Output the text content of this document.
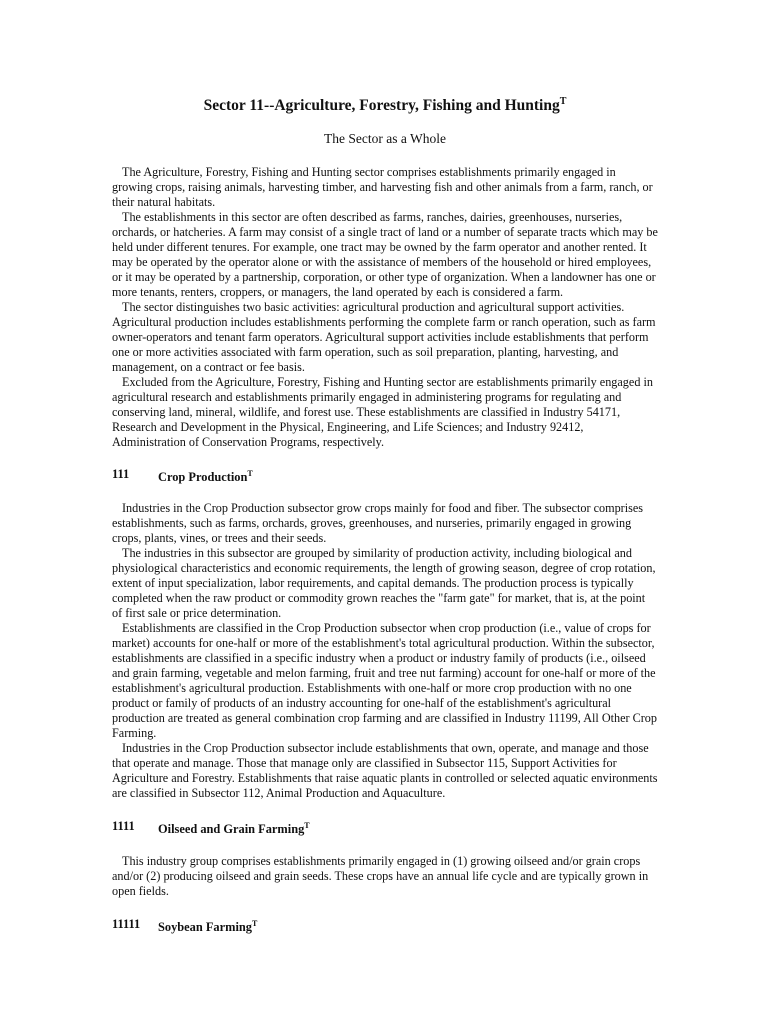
Sector 11--Agriculture, Forestry, Fishing and Hunting$^T$
The Sector as a Whole

The Agriculture, Forestry, Fishing and Hunting sector comprises establishments primarily engaged in growing crops, raising animals, harvesting timber, and harvesting fish and other animals from a farm, ranch, or their natural habitats.

The establishments in this sector are often described as farms, ranches, dairies, greenhouses, nurseries, orchards, or hatcheries. A farm may consist of a single tract of land or a number of separate tracts which may be held under different tenures. For example, one tract may be owned by the farm operator and another rented. It may be operated by the operator alone or with the assistance of members of the household or hired employees, or it may be operated by a partnership, corporation, or other type of organization. When a landowner has one or more tenants, renters, croppers, or managers, the land operated by each is considered a farm.

The sector distinguishes two basic activities: agricultural production and agricultural support activities. Agricultural production includes establishments performing the complete farm or ranch operation, such as farm owner-operators and tenant farm operators. Agricultural support activities include establishments that perform one or more activities associated with farm operation, such as soil preparation, planting, harvesting, and management, on a contract or fee basis.

Excluded from the Agriculture, Forestry, Fishing and Hunting sector are establishments primarily engaged in agricultural research and establishments primarily engaged in administering programs for regulating and conserving land, mineral, wildlife, and forest use. These establishments are classified in Industry 54171, Research and Development in the Physical, Engineering, and Life Sciences; and Industry 92412, Administration of Conservation Programs, respectively.

111	Crop Production$^T$

Industries in the Crop Production subsector grow crops mainly for food and fiber. The subsector comprises establishments, such as farms, orchards, groves, greenhouses, and nurseries, primarily engaged in growing crops, plants, vines, or trees and their seeds.

The industries in this subsector are grouped by similarity of production activity, including biological and physiological characteristics and economic requirements, the length of growing season, degree of crop rotation, extent of input specialization, labor requirements, and capital demands. The production process is typically completed when the raw product or commodity grown reaches the "farm gate" for market, that is, at the point of first sale or price determination.

Establishments are classified in the Crop Production subsector when crop production (i.e., value of crops for market) accounts for one-half or more of the establishment's total agricultural production. Within the subsector, establishments are classified in a specific industry when a product or industry family of products (i.e., oilseed and grain farming, vegetable and melon farming, fruit and tree nut farming) account for one-half or more of the establishment's agricultural production. Establishments with one-half or more crop production with no one product or family of products of an industry accounting for one-half of the establishment's agricultural production are treated as general combination crop farming and are classified in Industry 11199, All Other Crop Farming.

Industries in the Crop Production subsector include establishments that own, operate, and manage and those that operate and manage. Those that manage only are classified in Subsector 115, Support Activities for Agriculture and Forestry. Establishments that raise aquatic plants in controlled or selected aquatic environments are classified in Subsector 112, Animal Production and Aquaculture.

1111	Oilseed and Grain Farming$^T$

This industry group comprises establishments primarily engaged in (1) growing oilseed and/or grain crops and/or (2) producing oilseed and grain seeds. These crops have an annual life cycle and are typically grown in open fields.

11111	Soybean Farming$^T$
